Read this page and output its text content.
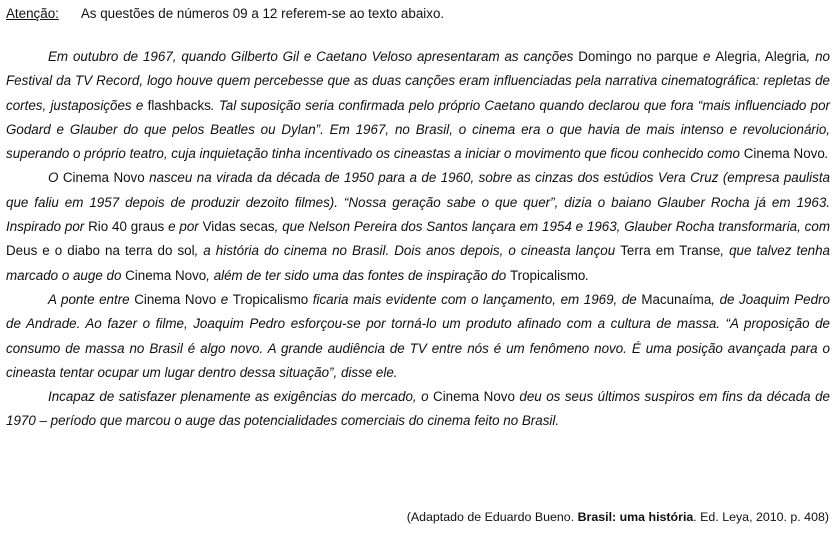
Atenção: As questões de números 09 a 12 referem-se ao texto abaixo.

Em outubro de 1967, quando Gilberto Gil e Caetano Veloso apresentaram as canções Domingo no parque e Alegria, Alegria, no Festival da TV Record, logo houve quem percebesse que as duas canções eram influenciadas pela narrativa cinematográfica: repletas de cortes, justaposições e flashbacks. Tal suposição seria confirmada pelo próprio Caetano quando declarou que fora “mais influenciado por Godard e Glauber do que pelos Beatles ou Dylan”. Em 1967, no Brasil, o cinema era o que havia de mais intenso e revolucionário, superando o próprio teatro, cuja inquietação tinha incentivado os cineastas a iniciar o movimento que ficou conhecido como Cinema Novo.

O Cinema Novo nasceu na virada da década de 1950 para a de 1960, sobre as cinzas dos estúdios Vera Cruz (empresa paulista que faliu em 1957 depois de produzir dezoito filmes). “Nossa geração sabe o que quer”, dizia o baiano Glauber Rocha já em 1963. Inspirado por Rio 40 graus e por Vidas secas, que Nelson Pereira dos Santos lançara em 1954 e 1963, Glauber Rocha transformaria, com Deus e o diabo na terra do sol, a história do cinema no Brasil. Dois anos depois, o cineasta lançou Terra em Transe, que talvez tenha marcado o auge do Cinema Novo, além de ter sido uma das fontes de inspiração do Tropicalismo.

A ponte entre Cinema Novo e Tropicalismo ficaria mais evidente com o lançamento, em 1969, de Macunaíma, de Joaquim Pedro de Andrade. Ao fazer o filme, Joaquim Pedro esforçou-se por torná-lo um produto afinado com a cultura de massa. “A proposição de consumo de massa no Brasil é algo novo. A grande audiência de TV entre nós é um fenômeno novo. É uma posição avançada para o cineasta tentar ocupar um lugar dentro dessa situação”, disse ele.

Incapaz de satisfazer plenamente as exigências do mercado, o Cinema Novo deu os seus últimos suspiros em fins da década de 1970 – período que marcou o auge das potencialidades comerciais do cinema feito no Brasil.

(Adaptado de Eduardo Bueno. Brasil: uma história. Ed. Leya, 2010. p. 408)
